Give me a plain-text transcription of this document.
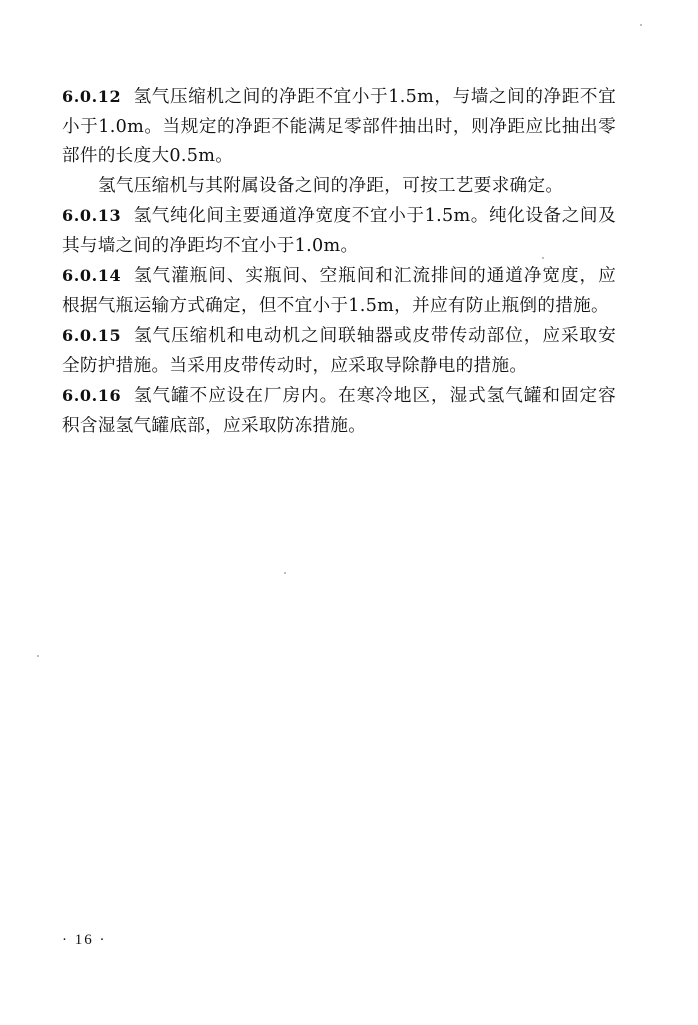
6.0.12 氢气压缩机之间的净距不宜小于1.5m，与墙之间的净距不宜小于1.0m。当规定的净距不能满足零部件抽出时，则净距应比抽出零部件的长度大0.5m。

氢气压缩机与其附属设备之间的净距，可按工艺要求确定。

6.0.13 氢气纯化间主要通道净宽度不宜小于1.5m。纯化设备之间及其与墙之间的净距均不宜小于1.0m。

6.0.14 氢气灌瓶间、实瓶间、空瓶间和汇流排间的通道净宽度，应根据气瓶运输方式确定，但不宜小于1.5m，并应有防止瓶倒的措施。

6.0.15 氢气压缩机和电动机之间联轴器或皮带传动部位，应采取安全防护措施。当采用皮带传动时，应采取导除静电的措施。

6.0.16 氢气罐不应设在厂房内。在寒冷地区，湿式氢气罐和固定容积含湿氢气罐底部，应采取防冻措施。

· 16 ·
